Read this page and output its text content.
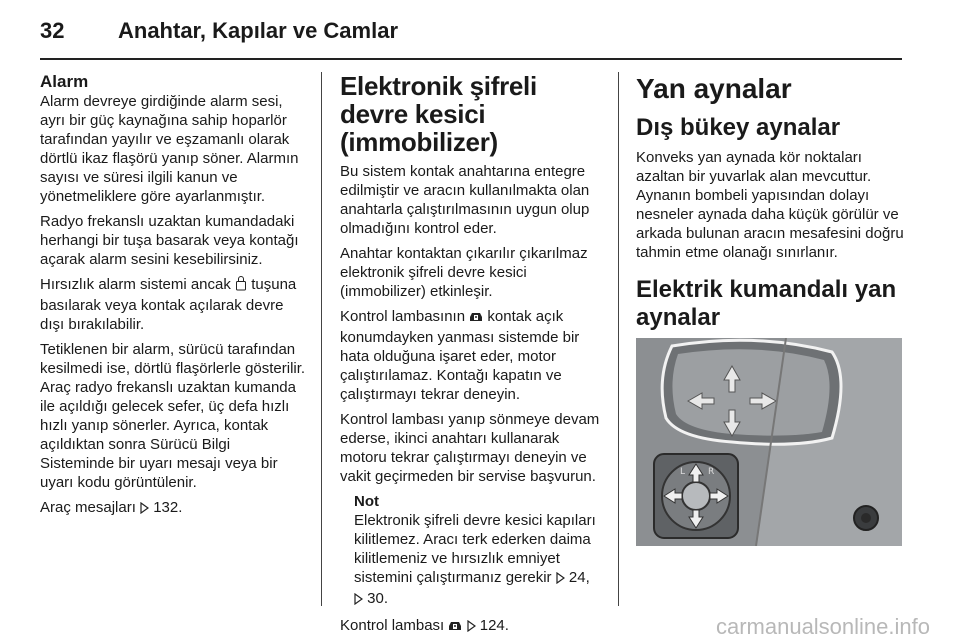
32 Anahtar, Kapılar ve Camlar
Alarm

Alarm devreye girdiğinde alarm sesi, ayrı bir güç kaynağına sahip hoparlör tarafından yayılır ve eşzamanlı olarak dörtlü ikaz flaşörü yanıp söner. Alarmın sayısı ve süresi ilgili kanun ve yönetmeliklere göre ayarlanmıştır.

Radyo frekanslı uzaktan kumandadaki herhangi bir tuşa basarak veya kontağı açarak alarm sesini kesebilirsiniz.

Hırsızlık alarm sistemi ancak tuşuna basılarak veya kontak açılarak devre dışı bırakılabilir.

Tetiklenen bir alarm, sürücü tarafından kesilmedi ise, dörtlü flaşörlerle gösterilir. Araç radyo frekanslı uzaktan kumanda ile açıldığı gelecek sefer, üç defa hızlı hızlı yanıp sönerler. Ayrıca, kontak açıldıktan sonra Sürücü Bilgi Sisteminde bir uyarı mesajı veya bir uyarı kodu görüntülenir.

Araç mesajları 132.

Elektronik şifreli devre kesici (immobilizer)

Bu sistem kontak anahtarına entegre edilmiştir ve aracın kullanılmakta olan anahtarla çalıştırılmasının uygun olup olmadığını kontrol eder.

Anahtar kontaktan çıkarılır çıkarılmaz elektronik şifreli devre kesici (immobilizer) etkinleşir.

Kontrol lambasının kontak açık konumdayken yanması sistemde bir hata olduğuna işaret eder, motor çalıştırılamaz. Kontağı kapatın ve çalıştırmayı tekrar deneyin.

Kontrol lambası yanıp sönmeye devam ederse, ikinci anahtarı kullanarak motoru tekrar çalıştırmayı deneyin ve vakit geçirmeden bir servise başvurun.

Not

Elektronik şifreli devre kesici kapıları kilitlemez. Aracı terk ederken daima kilitlemeniz ve hırsızlık emniyet sistemini çalıştırmanız gerekir 24,
30.

Kontrol lambası 124.

Yan aynalar
Dış bükey aynalar

Konveks yan aynada kör noktaları azaltan bir yuvarlak alan mevcuttur. Aynanın bombeli yapısından dolayı nesneler aynada daha küçük görülür ve arkada bulunan aracın mesafesini doğru tahmin etme olanağı sınırlanır.

Elektrik kumandalı yan aynalar
L	R
carmanualsonline.info
